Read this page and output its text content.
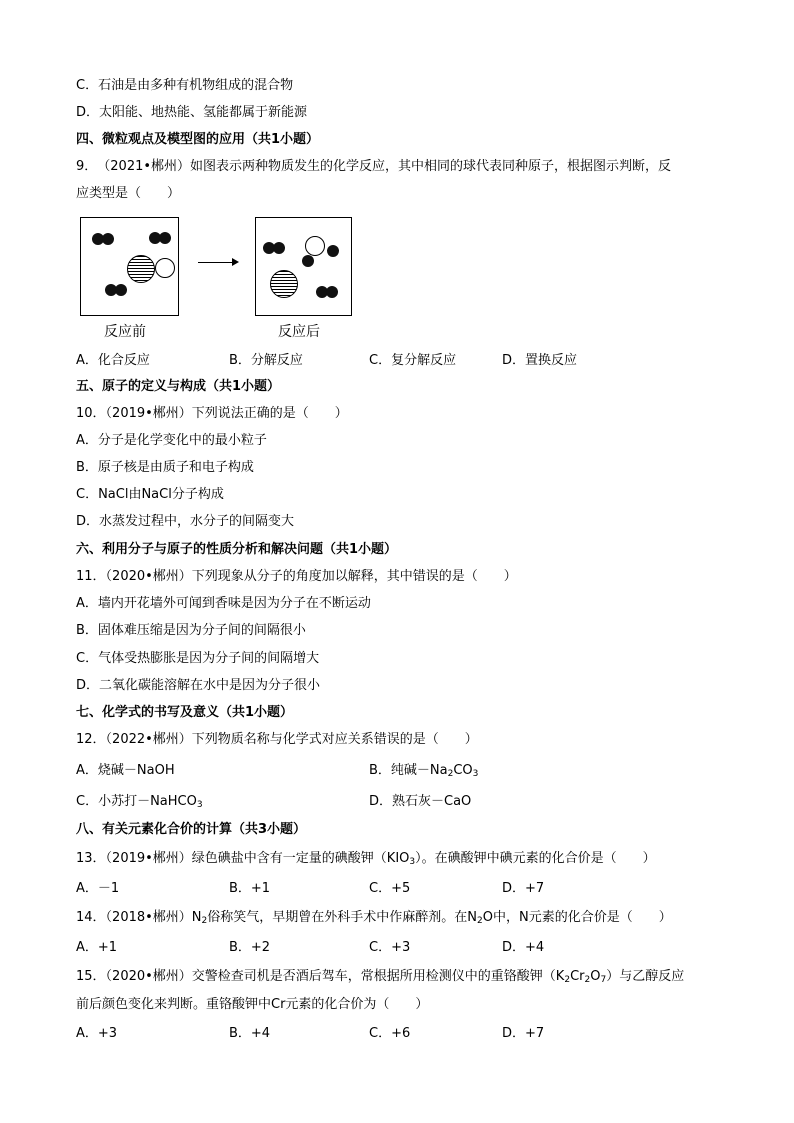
C．石油是由多种有机物组成的混合物
D．太阳能、地热能、氢能都属于新能源
四、微粒观点及模型图的应用（共1小题）
9．　（2021•郴州）如图表示两种物质发生的化学反应，其中相同的球代表同种原子，根据图示判断，反
应类型是（　　）
反应前	反应后
A．化合反应	B．分解反应	C．复分解反应	D．置换反应
五、原子的定义与构成（共1小题）
10．（2019•郴州）下列说法正确的是（　　）
A．分子是化学变化中的最小粒子
B．原子核是由质子和电子构成
C．NaCl由NaCl分子构成
D．水蒸发过程中，水分子的间隔变大
六、利用分子与原子的性质分析和解决问题（共1小题）
11．（2020•郴州）下列现象从分子的角度加以解释，其中错误的是（　　）
A．墙内开花墙外可闻到香味是因为分子在不断运动
B．固体难压缩是因为分子间的间隔很小
C．气体受热膨胀是因为分子间的间隔增大
D．二氧化碳能溶解在水中是因为分子很小
七、化学式的书写及意义（共1小题）
12．（2022•郴州）下列物质名称与化学式对应关系错误的是（　　）
A．烧碱－NaOH	B．纯碱$-Na_2CO_3$
C．小苏打－NaHCO$_3$	D．熟石灰－CaO
八、有关元素化合价的计算（共3小题）
13．（2019•郴州）绿色碘盐中含有一定量的碘酸钾$(KIO_3)$。在碘酸钾中碘元素的化合价是（　　）
A．－1	B．+1	C．+5	D．+7
14．（2018•郴州）$N_2$俗称笑气，早期曾在外科手术中作麻醉剂。在$N_2O$中，N元素的化合价是（　　）
A．+1	B．+2	C．+3	D．+4
15．（2020•郴州）交警检查司机是否酒后驾车，常根据所用检测仪中的重铬酸钾$(K_2Cr_2O_7)$与乙醇反应
前后颜色变化来判断。重铬酸钾中Cr元素的化合价为（　　）
A．+3	B．+4	C．+6	D．+7
